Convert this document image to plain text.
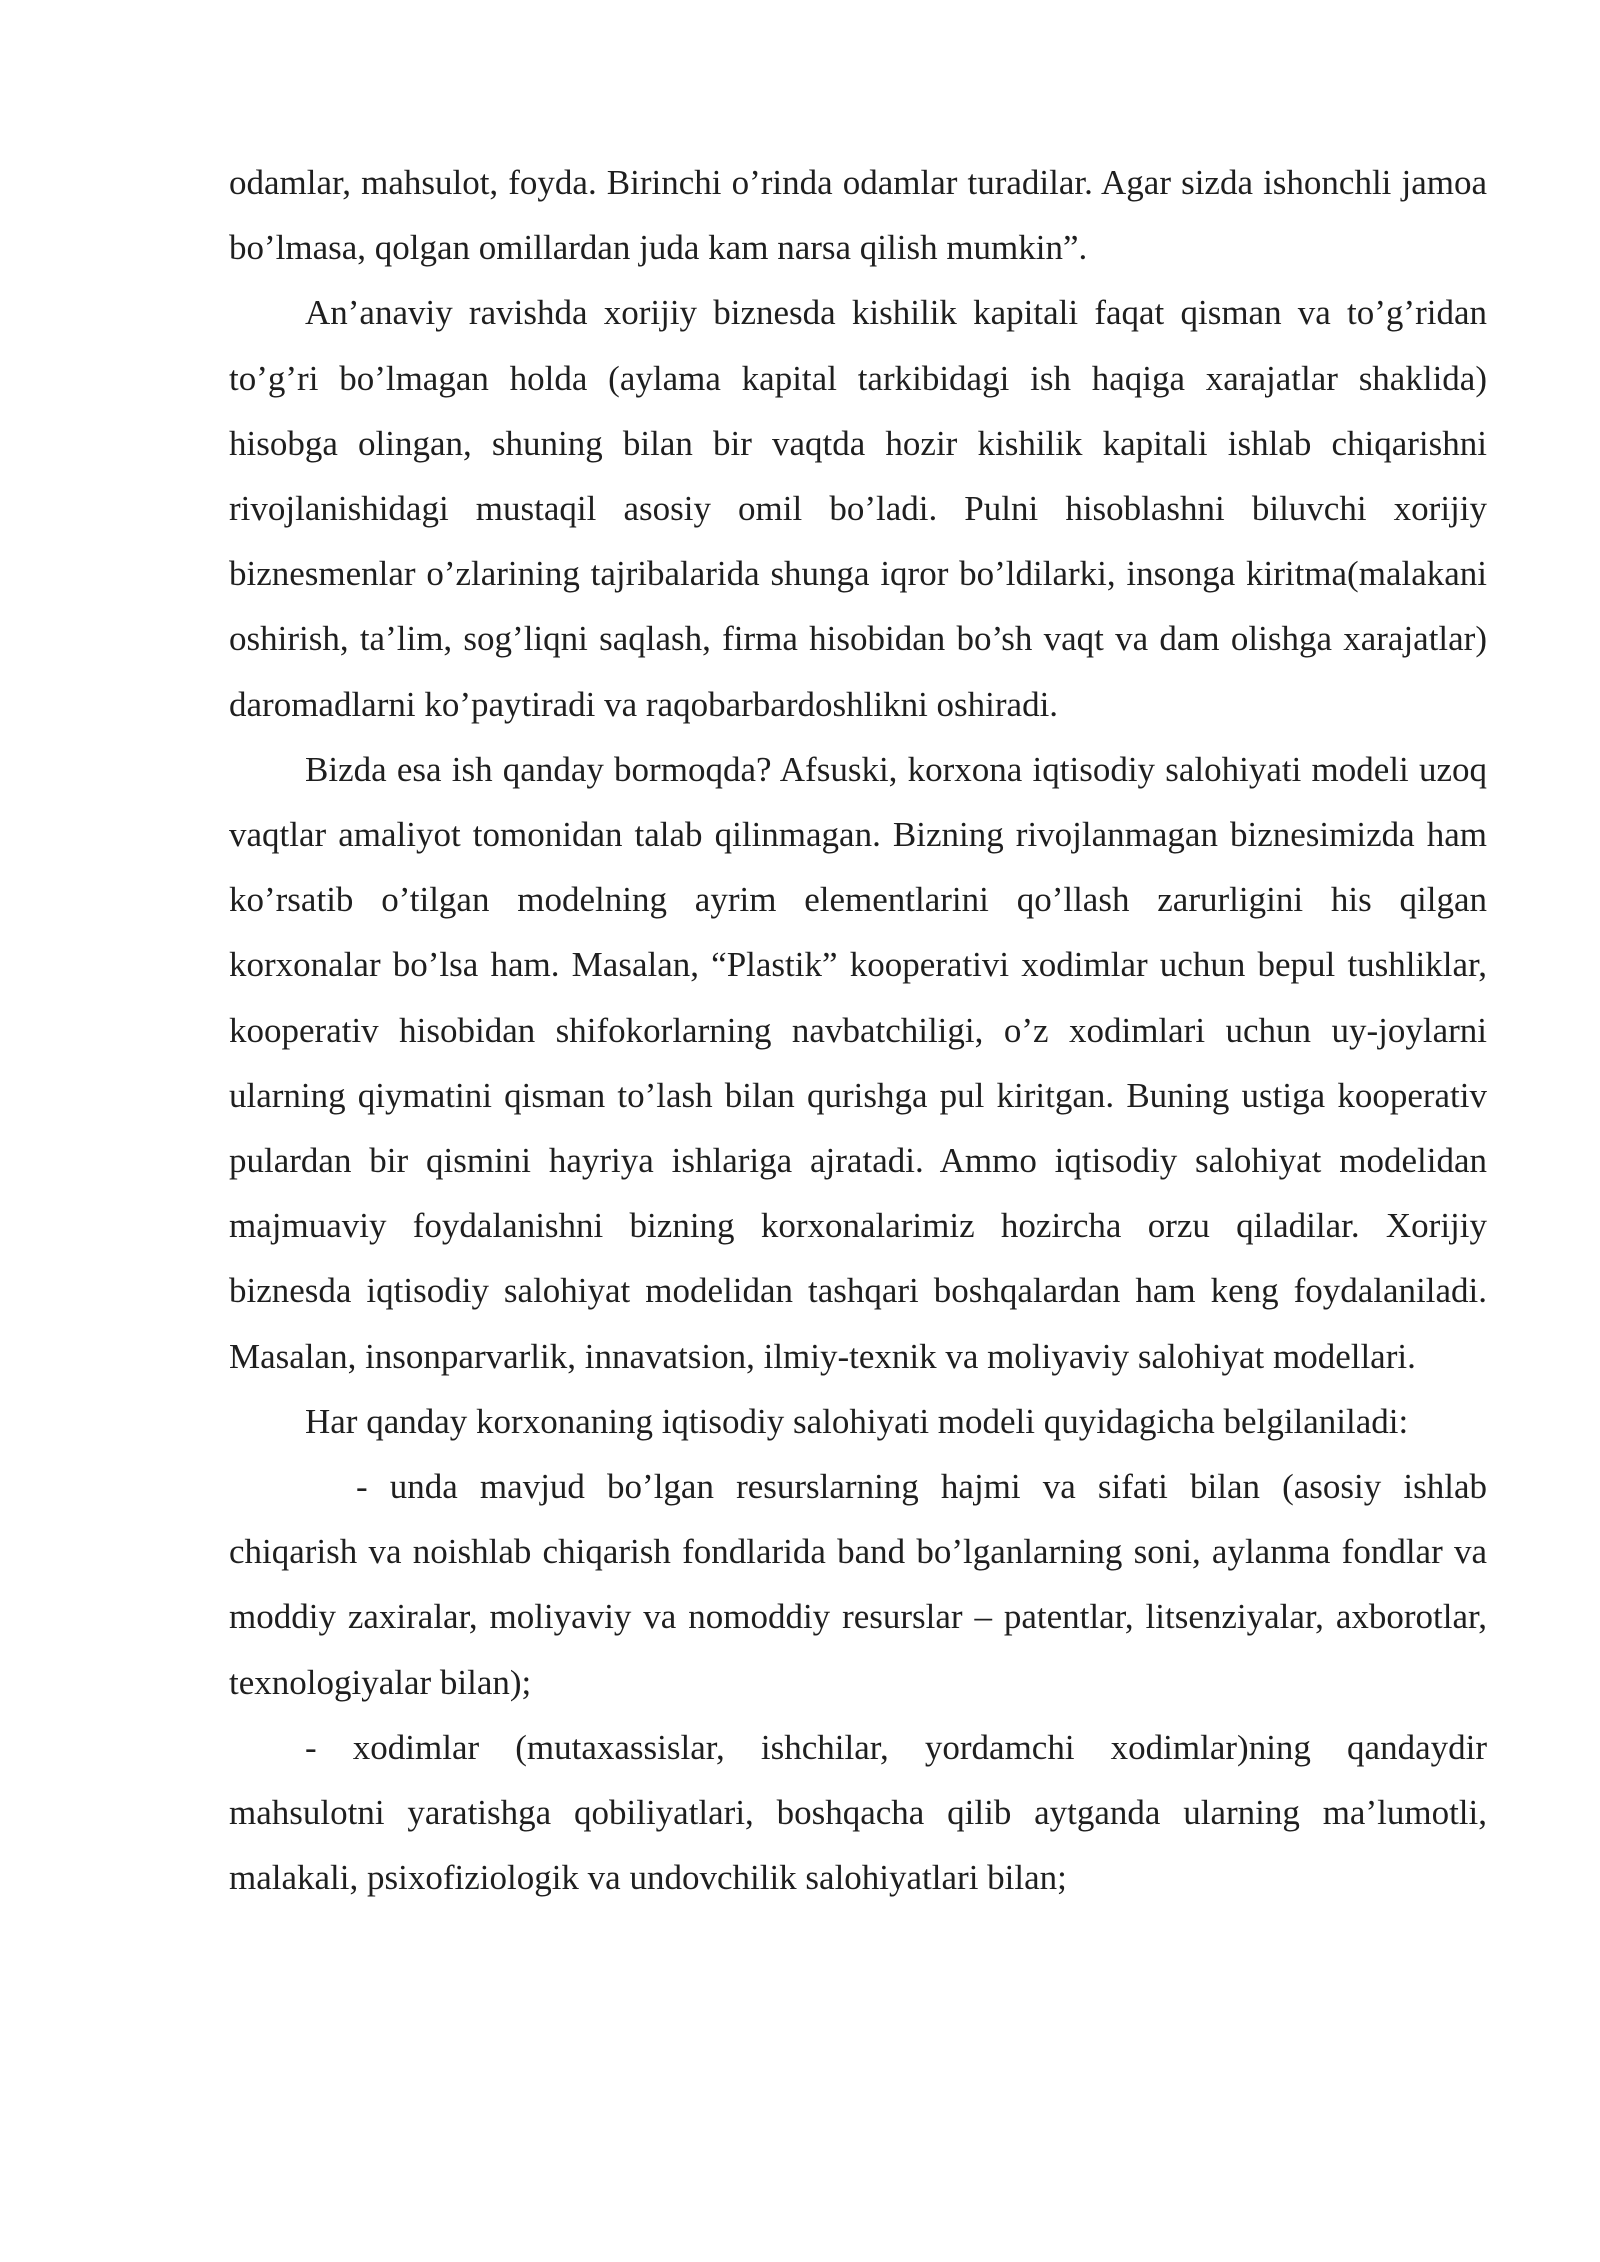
odamlar, mahsulot, foyda. Birinchi o’rinda odamlar turadilar. Agar sizda ishonchli jamoa bo’lmasa, qolgan omillardan juda kam narsa qilish mumkin”.

An’anaviy ravishda xorijiy biznesda kishilik kapitali faqat qisman va to’g’ridan to’g’ri bo’lmagan holda (aylama kapital tarkibidagi ish haqiga xarajatlar shaklida) hisobga olingan, shuning bilan bir vaqtda hozir kishilik kapitali ishlab chiqarishni rivojlanishidagi mustaqil asosiy omil bo’ladi. Pulni hisoblashni biluvchi xorijiy biznesmenlar o’zlarining tajribalarida shunga iqror bo’ldilarki, insonga kiritma(malakani oshirish, ta’lim, sog’liqni saqlash, firma hisobidan bo’sh vaqt va dam olishga xarajatlar) daromadlarni ko’paytiradi va raqobarbardoshlikni oshiradi.

Bizda esa ish qanday bormoqda? Afsuski, korxona iqtisodiy salohiyati modeli uzoq vaqtlar amaliyot tomonidan talab qilinmagan. Bizning rivojlanmagan biznesimizda ham ko’rsatib o’tilgan modelning ayrim elementlarini qo’llash zarurligini his qilgan korxonalar bo’lsa ham. Masalan, “Plastik” kooperativi xodimlar uchun bepul tushliklar, kooperativ hisobidan shifokorlarning navbatchiligi, o’z xodimlari uchun uy-joylarni ularning qiymatini qisman to’lash bilan qurishga pul kiritgan. Buning ustiga kooperativ pulardan bir qismini hayriya ishlariga ajratadi. Ammo iqtisodiy salohiyat modelidan majmuaviy foydalanishni bizning korxonalarimiz hozircha orzu qiladilar. Xorijiy biznesda iqtisodiy salohiyat modelidan tashqari boshqalardan ham keng foydalaniladi. Masalan, insonparvarlik, innavatsion, ilmiy-texnik va moliyaviy salohiyat modellari.

Har qanday korxonaning iqtisodiy salohiyati modeli quyidagicha belgilaniladi:

- unda mavjud bo’lgan resurslarning hajmi va sifati bilan (asosiy ishlab chiqarish va noishlab chiqarish fondlarida band bo’lganlarning soni, aylanma fondlar va moddiy zaxiralar, moliyaviy va nomoddiy resurslar – patentlar, litsenziyalar, axborotlar, texnologiyalar bilan);

- xodimlar (mutaxassislar, ishchilar, yordamchi xodimlar)ning qandaydir mahsulotni yaratishga qobiliyatlari, boshqacha qilib aytganda ularning ma’lumotli, malakali, psixofiziologik va undovchilik salohiyatlari bilan;
